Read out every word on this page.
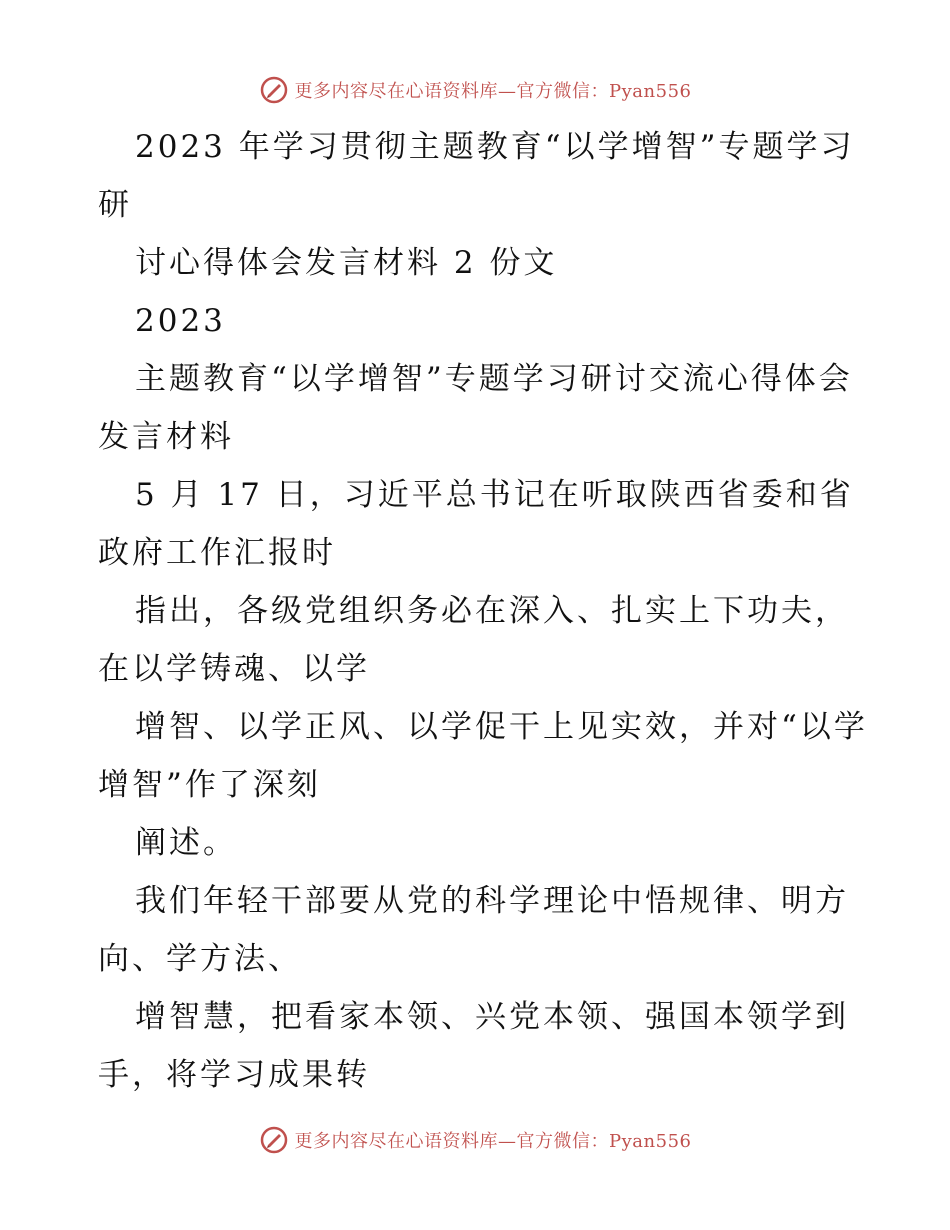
更多内容尽在心语资料库—官方微信：Pyan556

2023 年学习贯彻主题教育“以学增智”专题学习研

讨心得体会发言材料 2 份文

2023

主题教育“以学增智”专题学习研讨交流心得体会发言材料

5 月 17 日，习近平总书记在听取陕西省委和省政府工作汇报时

指出，各级党组织务必在深入、扎实上下功夫，在以学铸魂、以学

增智、以学正风、以学促干上见实效，并对“以学增智”作了深刻

阐述。

我们年轻干部要从党的科学理论中悟规律、明方向、学方法、

增智慧，把看家本领、兴党本领、强国本领学到手，将学习成果转

更多内容尽在心语资料库—官方微信：Pyan556
